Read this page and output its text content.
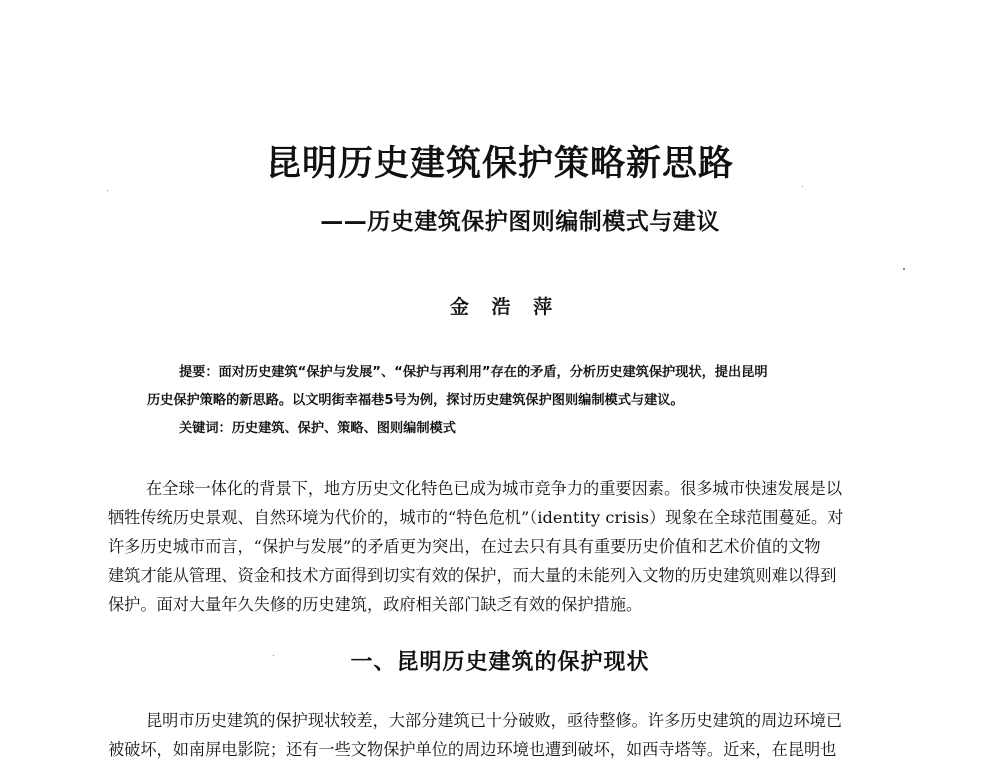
昆明历史建筑保护策略新思路
——历史建筑保护图则编制模式与建议
金 浩 萍

提要：面对历史建筑“保护与发展”、“保护与再利用”存在的矛盾，分析历史建筑保护现状，提出昆明

历史保护策略的新思路。以文明街幸福巷5号为例，探讨历史建筑保护图则编制模式与建议。

关键词：历史建筑、保护、策略、图则编制模式

在全球一体化的背景下，地方历史文化特色已成为城市竞争力的重要因素。很多城市快速发展是以

牺牲传统历史景观、自然环境为代价的，城市的“特色危机”（identity crisis）现象在全球范围蔓延。对

许多历史城市而言，“保护与发展”的矛盾更为突出，在过去只有具有重要历史价值和艺术价值的文物

建筑才能从管理、资金和技术方面得到切实有效的保护，而大量的未能列入文物的历史建筑则难以得到

保护。面对大量年久失修的历史建筑，政府相关部门缺乏有效的保护措施。

一、昆明历史建筑的保护现状

昆明市历史建筑的保护现状较差，大部分建筑已十分破败，亟待整修。许多历史建筑的周边环境已

被破坏，如南屏电影院；还有一些文物保护单位的周边环境也遭到破坏，如西寺塔等。近来，在昆明也
